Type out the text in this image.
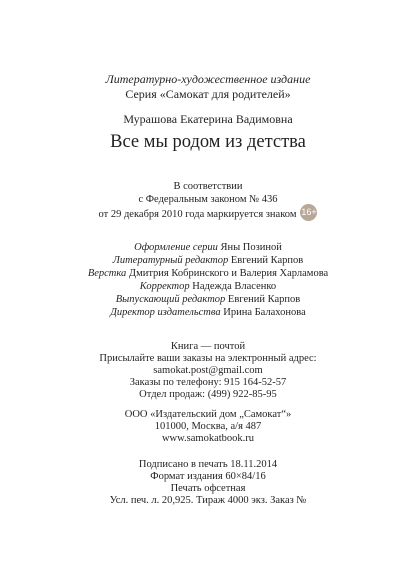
Литературно-художественное издание
Серия «Самокат для родителей»
Мурашова Екатерина Вадимовна
Все мы родом из детства
В соответствии
с Федеральным законом № 436
от 29 декабря 2010 года маркируется знаком 16+
Оформление серии Яны Позиной
Литературный редактор Евгений Карпов
Верстка Дмитрия Кобринского и Валерия Харламова
Корректор Надежда Власенко
Выпускающий редактор Евгений Карпов
Директор издательства Ирина Балахонова
Книга — почтой
Присылайте ваши заказы на электронный адрес:
samokat.post@gmail.com
Заказы по телефону: 915 164-52-57
Отдел продаж: (499) 922-85-95
ООО «Издательский дом „Самокат“»
101000, Москва, а/я 487
www.samokatbook.ru
Подписано в печать 18.11.2014
Формат издания 60×84/16
Печать офсетная
Усл. печ. л. 20,925. Тираж 4000 экз. Заказ №
